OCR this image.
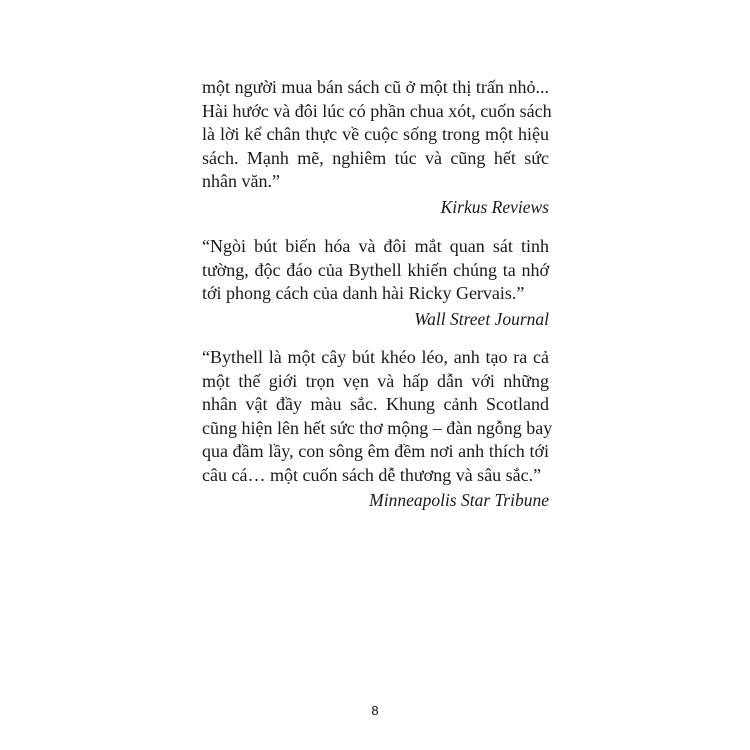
một người mua bán sách cũ ở một thị trấn nhỏ...
Hài hước và đôi lúc có phần chua xót, cuốn sách
là lời kể chân thực về cuộc sống trong một hiệu
sách. Mạnh mẽ, nghiêm túc và cũng hết sức
nhân văn.”
Kirkus Reviews
“Ngòi bút biến hóa và đôi mắt quan sát tinh
tường, độc đáo của Bythell khiến chúng ta nhớ
tới phong cách của danh hài Ricky Gervais.”
Wall Street Journal
“Bythell là một cây bút khéo léo, anh tạo ra cả
một thế giới trọn vẹn và hấp dẫn với những
nhân vật đầy màu sắc. Khung cảnh Scotland
cũng hiện lên hết sức thơ mộng – đàn ngỗng bay
qua đầm lầy, con sông êm đềm nơi anh thích tới
câu cá… một cuốn sách dễ thương và sâu sắc.”
Minneapolis Star Tribune
8
